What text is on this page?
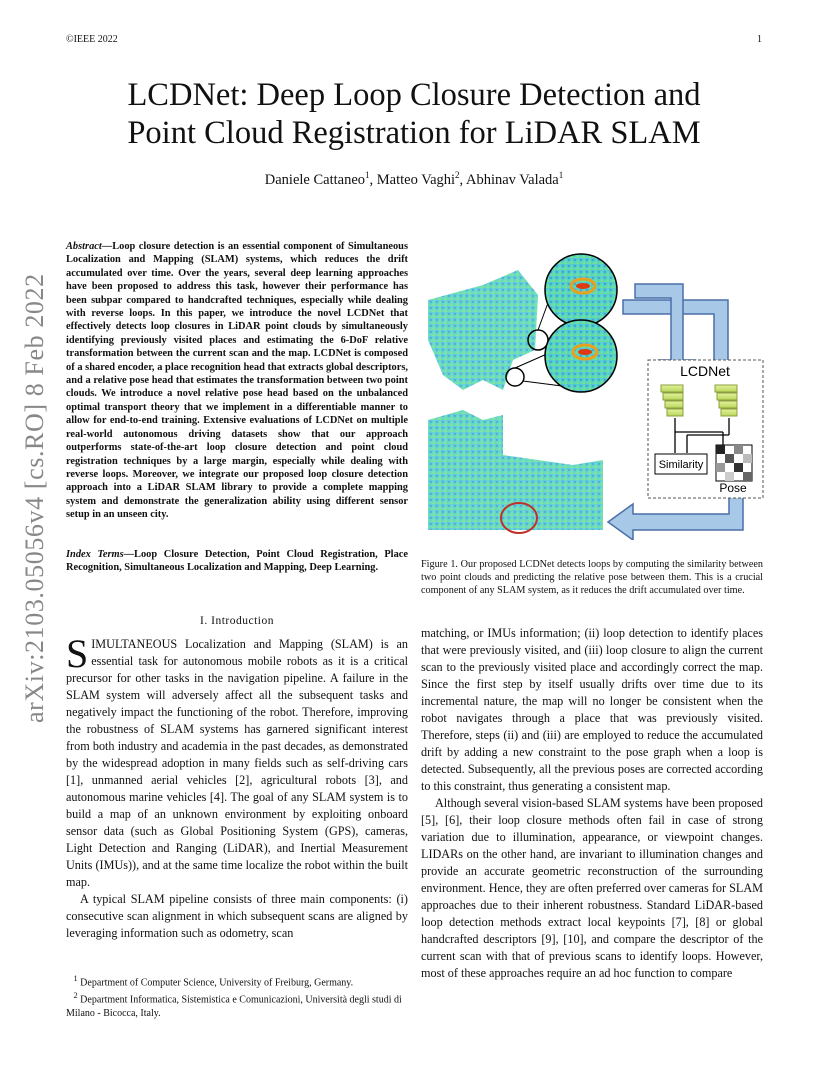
©IEEE 2022	1
arXiv:2103.05056v4 [cs.RO] 8 Feb 2022
LCDNet: Deep Loop Closure Detection and
Point Cloud Registration for LiDAR SLAM
Daniele Cattaneo$^1$, Matteo Vaghi$^2$, Abhinav Valada$^1$
Abstract—Loop closure detection is an essential component of Simultaneous Localization and Mapping (SLAM) systems, which reduces the drift accumulated over time. Over the years, several deep learning approaches have been proposed to address this task, however their performance has been subpar compared to handcrafted techniques, especially while dealing with reverse loops. In this paper, we introduce the novel LCDNet that effectively detects loop closures in LiDAR point clouds by simultaneously identifying previously visited places and estimating the 6-DoF relative transformation between the current scan and the map. LCDNet is composed of a shared encoder, a place recognition head that extracts global descriptors, and a relative pose head that estimates the transformation between two point clouds. We introduce a novel relative pose head based on the unbalanced optimal transport theory that we implement in a differentiable manner to allow for end-to-end training. Extensive evaluations of LCDNet on multiple real-world autonomous driving datasets show that our approach outperforms state-of-the-art loop closure detection and point cloud registration techniques by a large margin, especially while dealing with reverse loops. Moreover, we integrate our proposed loop closure detection approach into a LiDAR SLAM library to provide a complete mapping system and demonstrate the generalization ability using different sensor setup in an unseen city.
Index Terms—Loop Closure Detection, Point Cloud Registration, Place Recognition, Simultaneous Localization and Mapping, Deep Learning.
I. Introduction

SIMULTANEOUS Localization and Mapping (SLAM) is an essential task for autonomous mobile robots as it is a critical precursor for other tasks in the navigation pipeline. A failure in the SLAM system will adversely affect all the subsequent tasks and negatively impact the functioning of the robot. Therefore, improving the robustness of SLAM systems has garnered significant interest from both industry and academia in the past decades, as demonstrated by the widespread adoption in many fields such as self-driving cars [1], unmanned aerial vehicles [2], agricultural robots [3], and autonomous marine vehicles [4]. The goal of any SLAM system is to build a map of an unknown environment by exploiting onboard sensor data (such as Global Positioning System (GPS), cameras, Light Detection and Ranging (LiDAR), and Inertial Measurement Units (IMUs)), and at the same time localize the robot within the built map.

A typical SLAM pipeline consists of three main components: (i) consecutive scan alignment in which subsequent scans are aligned by leveraging information such as odometry, scan

$^1$ Department of Computer Science, University of Freiburg, Germany.
$^2$ Department Informatica, Sistemistica e Comunicazioni, Università degli studi di Milano - Bicocca, Italy.

matching, or IMUs information; (ii) loop detection to identify places that were previously visited, and (iii) loop closure to align the current scan to the previously visited place and accordingly correct the map. Since the first step by itself usually drifts over time due to its incremental nature, the map will no longer be consistent when the robot navigates through a place that was previously visited. Therefore, steps (ii) and (iii) are employed to reduce the accumulated drift by adding a new constraint to the pose graph when a loop is detected. Subsequently, all the previous poses are corrected according to this constraint, thus generating a consistent map.

Although several vision-based SLAM systems have been proposed [5], [6], their loop closure methods often fail in case of strong variation due to illumination, appearance, or viewpoint changes. LIDARs on the other hand, are invariant to illumination changes and provide an accurate geometric reconstruction of the surrounding environment. Hence, they are often preferred over cameras for SLAM approaches due to their inherent robustness. Standard LiDAR-based loop detection methods extract local keypoints [7], [8] or global handcrafted descriptors [9], [10], and compare the descriptor of the current scan with that of previous scans to identify loops. However, most of these approaches require an ad hoc function to compare

LCDNet
Similarity
Pose
Figure 1. Our proposed LCDNet detects loops by computing the similarity between two point clouds and predicting the relative pose between them. This is a crucial component of any SLAM system, as it reduces the drift accumulated over time.
